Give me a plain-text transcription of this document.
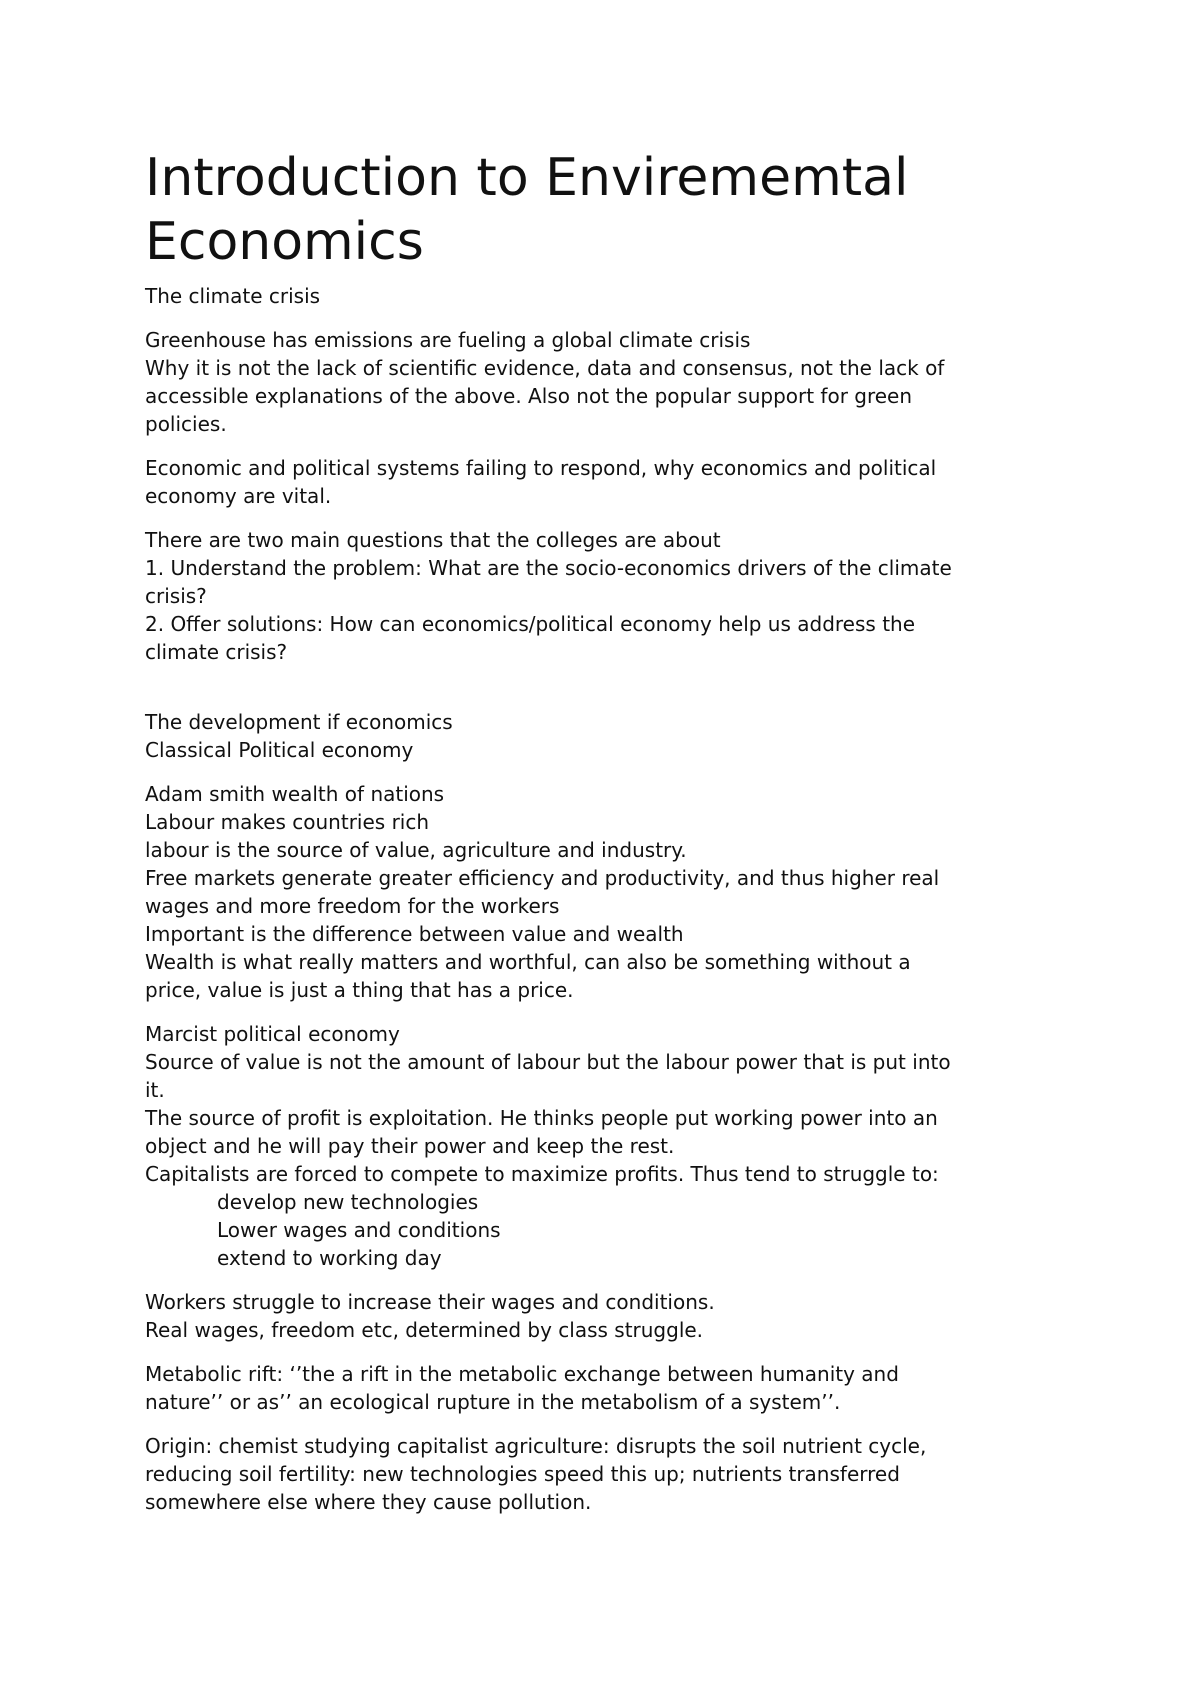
Introduction to Envirememtal
Economics
The climate crisis
Greenhouse has emissions are fueling a global climate crisis
Why it is not the lack of scientific evidence, data and consensus, not the lack of
accessible explanations of the above. Also not the popular support for green
policies.
Economic and political systems failing to respond, why economics and political
economy are vital.
There are two main questions that the colleges are about
1. Understand the problem: What are the socio-economics drivers of the climate
crisis?
2. Offer solutions: How can economics/political economy help us address the
climate crisis?
The development if economics
Classical Political economy
Adam smith wealth of nations
Labour makes countries rich
labour is the source of value, agriculture and industry.
Free markets generate greater efficiency and productivity, and thus higher real
wages and more freedom for the workers
Important is the difference between value and wealth
Wealth is what really matters and worthful, can also be something without a
price, value is just a thing that has a price.
Marcist political economy
Source of value is not the amount of labour but the labour power that is put into
it.
The source of profit is exploitation. He thinks people put working power into an
object and he will pay their power and keep the rest.
Capitalists are forced to compete to maximize profits. Thus tend to struggle to:
develop new technologies
Lower wages and conditions
extend to working day
Workers struggle to increase their wages and conditions.
Real wages, freedom etc, determined by class struggle.
Metabolic rift: ‘’the a rift in the metabolic exchange between humanity and
nature’’ or as’’ an ecological rupture in the metabolism of a system’’.
Origin: chemist studying capitalist agriculture: disrupts the soil nutrient cycle,
reducing soil fertility: new technologies speed this up; nutrients transferred
somewhere else where they cause pollution.
